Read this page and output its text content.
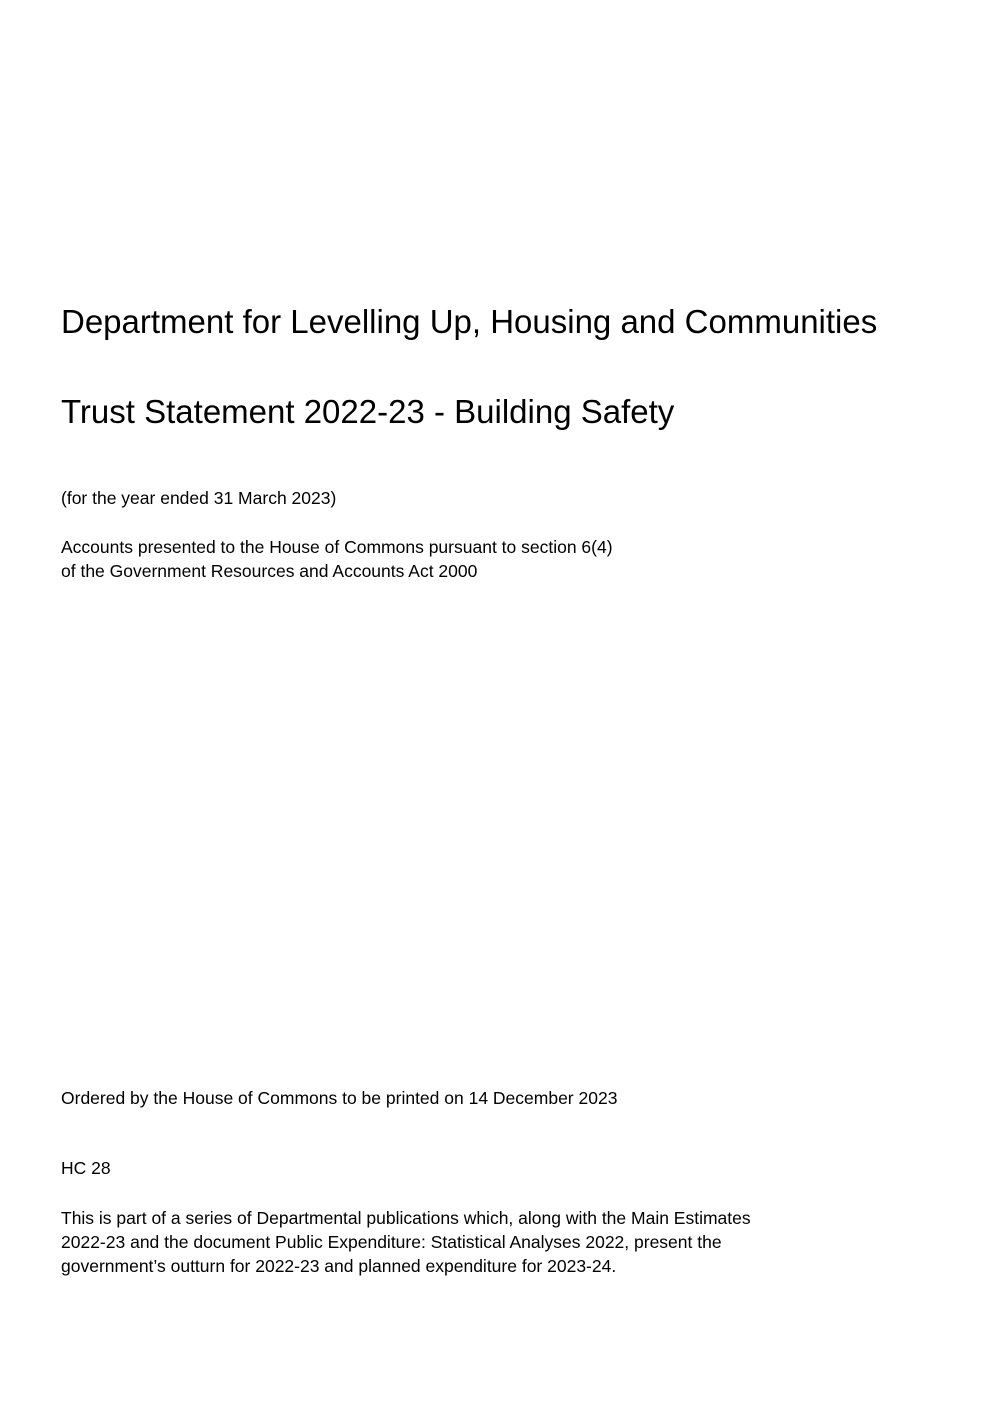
Department for Levelling Up, Housing and Communities
Trust Statement 2022-23 - Building Safety

(for the year ended 31 March 2023)

Accounts presented to the House of Commons pursuant to section 6(4)
of the Government Resources and Accounts Act 2000

Ordered by the House of Commons to be printed on 14 December 2023

HC 28

This is part of a series of Departmental publications which, along with the Main Estimates
2022-23 and the document Public Expenditure: Statistical Analyses 2022, present the
government’s outturn for 2022-23 and planned expenditure for 2023-24.
